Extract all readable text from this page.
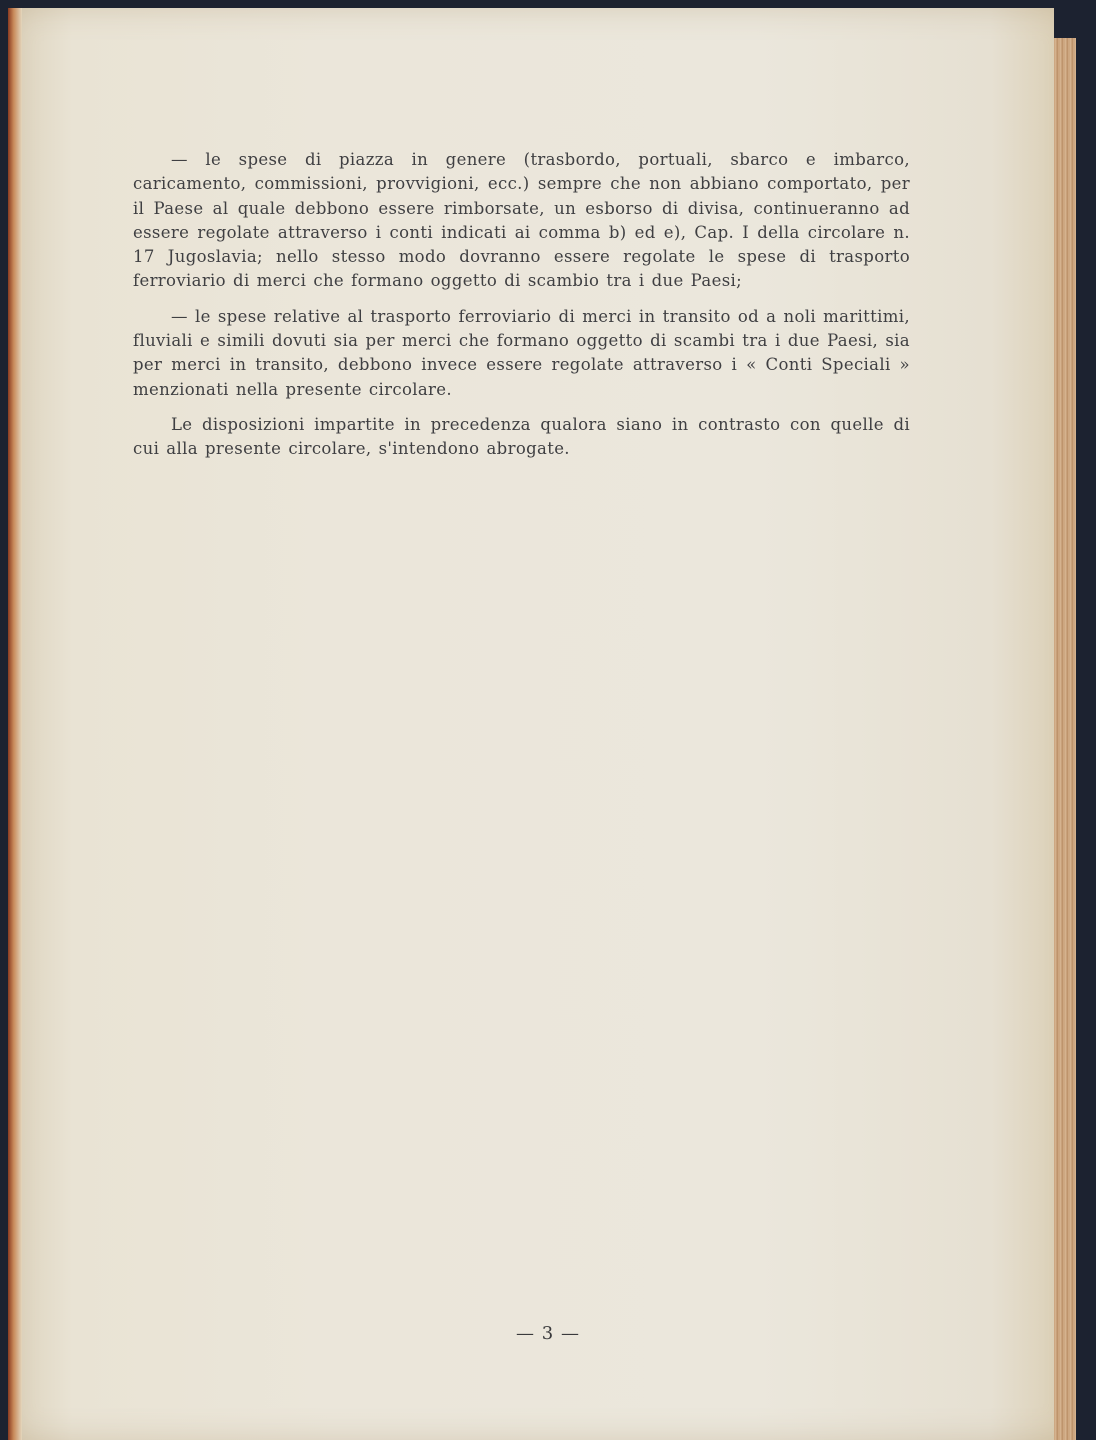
— le spese di piazza in genere (trasbordo, portuali, sbarco e imbarco, caricamento, commissioni, provvigioni, ecc.) sempre che non abbiano comportato, per il Paese al quale debbono essere rimborsate, un esborso di divisa, continueranno ad essere regolate attraverso i conti indicati ai comma b) ed e), Cap. I della circolare n. 17 Jugoslavia; nello stesso modo dovranno essere regolate le spese di trasporto ferroviario di merci che formano oggetto di scambio tra i due Paesi;

— le spese relative al trasporto ferroviario di merci in transito od a noli marittimi, fluviali e simili dovuti sia per merci che formano oggetto di scambi tra i due Paesi, sia per merci in transito, debbono invece essere regolate attraverso i « Conti Speciali » menzionati nella presente circolare.

Le disposizioni impartite in precedenza qualora siano in contrasto con quelle di cui alla presente circolare, s'intendono abrogate.

— 3 —
